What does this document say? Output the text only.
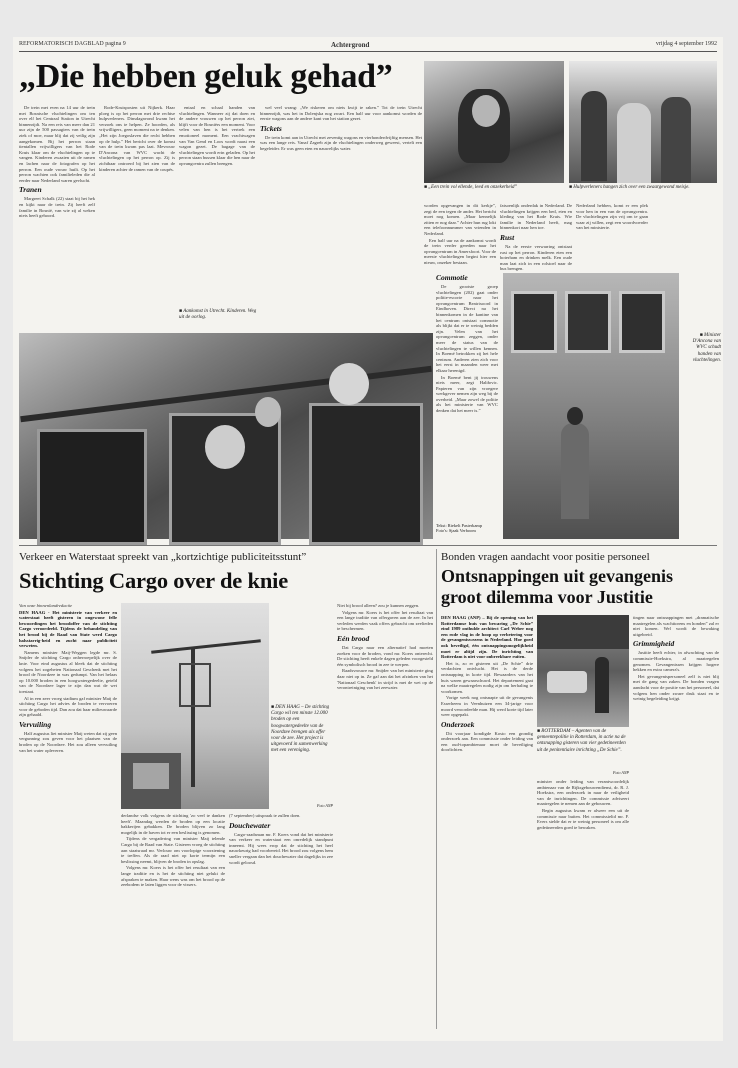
REFORMATORISCH DAGBLAD pagina 9	Achtergrond	vrijdag 4 september 1992
„Die hebben geluk gehad”

De trein met even na 14 uur de trein met Bosnische vluchtelingen om ten over elf het Centraal Station in Utrecht binnenrijdt. Na een reis van meer dan 21 uur zijn de 500 passagiers van de trein ziek of moe, maar blij dat zij veilig zijn aangekomen. Bij het perron staan tientallen vrijwilligers van het Rode Kruis klaar om de vluchtelingen op te vangen. Kinderen zwaaien uit de ramen en lachen naar de fotografen op het perron. Een oude vrouw huilt. Op het perron wachten ook familieleden die al eerder naar Nederland waren gevlucht.

Tranen

Margreet Schalk (22) staat bij het hek en kijkt naar de trein. Zij heeft zelf familie in Bosnië, van wie zij al weken niets heeft gehoord.

Rode-Kruisposten uit Nijkerk. Haar ploeg is op het perron met drie rechtse hulpverleners. Dinsdagavond kwam het verzoek ons te helpen. Ze hoorden, als vrijwilligers, geen moment na te denken. „Het zijn Joegoslaven die recht hebben op de hulp.” Het bericht over de komst van de trein kwam pas laat. Mevrouw D'Ancona van WVC wacht de vluchtelingen op het perron op. Zij is zichtbaar ontroerd bij het zien van de kinderen achter de ramen van de coupés.

entaal en schaal handen van vluchtelingen. Wanneer zij dat doen en de andere vrouwen op het perron ziet, blijft voor de Bosniërs een moment. Voor velen van hen is het vertrek een emotioneel moment. Een vrachtwagen van Van Gend en Loos wordt naast een wagon gezet. De bagage van de vluchtelingen wordt erin geladen. Op het perron staan bussen klaar die hen naar de opvangcentra zullen brengen.

■ Aankomst in Utrecht. Kinderen. Weg uit de oorlog.

wel veel wrang: „We riskeren om niets kwijt te raken.” Tot de trein Utrecht binnenrijdt, was het in Dolenjska nog zwart. Een half uur voor aankomst worden de eerste wagons aan de andere kant van het station gezet.

Tickets

De trein komt aan in Utrecht met zeventig wagons en vierhonderdvijftig mensen. Het was een lange reis. Vanaf Zagreb zijn de vluchtelingen onderweg geweest, vertelt een begeleider. Er was geen eten en nauwelijks water.

■ „Een trein vol ellende, leed en onzekerheid”	■ Hulpverleners hangen zich over een zwaargewond meisje.

worden opgevangen in dit kerkje”, zegt de een tegen de ander. Het bericht moet nog komen. „Maar kennelijk zitten er nog daar.” Achter hun rug lokt een telefoonnummer van vrienden in Nederland.

Een half uur na de aankomst wordt de trein verder gereden naar het opvangcentrum in Amersfoort. Voor de meeste vluchtelingen begint hier een nieuw, onzeker bestaan.

fatsoenlijk onderdak in Nederland. De vluchtelingen krijgen een bed, eten en kleding van het Rode Kruis. Wie familie in Nederland heeft, mag binnenkort naar hen toe.

Rust

Na de eerste verwarring ontstaat rust op het perron. Kinderen eten een boterham en drinken melk. Een oude man laat zich in een rolstoel naar de bus brengen.

Nederland hebben, komt er een plek voor hen in een van de opvangcentra. De vluchtelingen zijn vrij om te gaan waar zij willen, zegt een woordvoerder van het ministerie.

Commotie

De grootste groep vluchtelingen (202) gaat onder politie-escorte naar het opvangcentrum Beatrixoord in Eindhoven. Direct na het binnenkomen in de kantine van het centrum ontstaat commotie als blijkt dat er te weinig bedden zijn. Velen van het opvangcentrum zeggen, onder meer de status van de vluchtelingen te willen kennen. In Boemé betrokken zij het hele centrum. Anderen zien zich voor het eerst in maanden weer met elkaar herenigd.

In Boemé bent jij trouwens niets meer, zegt Haliłovic. Papieren van zijn vroegere werkgever nemen zijn weg bij de overheid. „Maar zowel de politie als het ministerie van WVC denken dat het meer is.”

Tekst: Riekelt Pasterkamp
Foto's: Sjaak Verboom
■ Minister D'Ancona van WVC schudt handen van vluchtelingen.
Verkeer en Waterstaat spreekt van „kortzichtige publiciteitsstunt”
Stichting Cargo over de knie

Van onze binnenlandredactie

DEN HAAG - Het ministerie van verkeer en waterstaat heeft gisteren in ongewone felle bewoordingen het broodoffer van de stichting Cargo veroordeeld. Tijdens de behandeling van het brood bij de Raad van State werd Cargo halsstarrig-heid en zucht naar publiciteit verweten.

Namens minister Maij-Weggen legde mr. S. Snijder de stichting Cargo onherroepelijk over de knie. Voor eind augustus al bleek dat de stichting volgens het zogeheten Nationaal Geschenk met het brood de Noordzee in was gedumpt. Van het helaas op 10.000 broden in een hoogwatergedeelte, geteld van de Noordzee lager te zijn dan wat de wet toestaat.

Al in een zeer vroeg stadium gaf minister Maij de stichting Cargo het advies de broden te vervoeren voor de geboden tijd. Dan zou dat haar milieuwaarde zijn gehaald.

Vervuiling

Half augustus liet minister Maij weten dat zij geen vergunning zou geven voor het plaatsen van de broden op de Noordzee. Het zou alleen vervuiling van het water opleveren.

■ DEN HAAG – De stichting Cargo wil ten minste 12.000 broden op een hoogwatergedeelte van de Noordzee brengen als offer voor de zee. Het project is uitgevoerd in samenwerking met een vereniging.
Foto ANP

derlandse volk volgens de stichting 'zo veel te danken heeft'. Maandag werden de broden op een locatie bakkerijen gebakken. De broden blijven zo lang mogelijk in de haven tot er een beslissing is genomen.

Tijdens de vergadering van minister Maij telende Cargo bij de Raad van State. Gisteren vroeg de stichting aan staatsraad mr. Verlouw om voorlopige voorziening te treffen. Als de raad niet op korte termijn een beslissing neemt, blijven de broden in opslag.

Volgens mr. Koers is het offer het resultaat van een lange traditie en is het de stichting niet gelukt de afspraken te maken. Haar wens was om het brood op de zeebodem te laten liggen voor de vissers.

(7 september) uitspraak te zullen doen.

Douchewater

Cargo-raadsman mr. F. Koers vond dat het ministerie van verkeer en waterstaat een onredelijk standpunt inneemt. Hij wees erop dat de stichting het heel nauwkeurig had voorbereid. Het brood zou volgens hem sneller vergaan dan het douchewater dat dagelijks in zee wordt geloosd.

Niet bij brood alleen? zou je kunnen zeggen.

Volgens mr. Koers is het offer het resultaat van een lange traditie van offergaven aan de zee. In het verleden werden vaak offers gebracht om zeelieden te beschermen.

Eén brood

Dat Cargo naar een alternatief had moeten zoeken voor de broden, vond mr. Koers onterecht. De stichting heeft enkele dagen geleden voorgesteld één symbolisch brood in zee te werpen.

Raadsvrouwe mr. Snijder van het ministerie ging daar niet op in. Ze gaf aan dat het afzinken van het 'Nationaal Geschenk' in strijd is met de wet op de verontreiniging van het zeewater.

Bonden vragen aandacht voor positie personeel
Ontsnappingen uit gevangenis
groot dilemma voor Justitie

DEN HAAG (ANP) – Bij de opening van het Rotterdamse huis van bewaring „De Schie” eind 1989 onthulde architect Carl Weber nog een rode vlag in de hoop op verbetering voor de gevangeniswezens in Nederland. Hoe goed ook beveiligd, één ontsnappingsmogelijkheid moet er altijd zijn. De inrichting van Rotterdam is niet voor onbreekbare ruiten.

Het is, zo er gisteren uit „De Schie” drie verdachten ontvlucht. Het is de derde ontsnapping in korte tijd. Bewaarders van het huis waren gewaarschuwd. Het departement gaat na welke maatregelen nodig zijn om herhaling te voorkomen.

Vorige week nog ontsnapte uit de gevangenis Esserheem in Veenhuizen een 34-jarige voor moord veroordeelde man. Hij werd korte tijd later weer opgepakt.

Onderzoek

Dit voorjaar kondigde Kosto een grondig onderzoek aan. Een commissie onder leiding van een oud-topambtenaar moet de beveiliging doorlichten.

■ ROTTERDAM – Agenten van de gemeentepolitie in Rotterdam, in actie na de ontsnapping gisteren van vier gedetineerden uit de penitentiaire inrichting „De Schie”.
Foto ANP

minister onder leiding van verantwoordelijk ambtenaar van de Rijksgebouwendienst, dr. R. J. Hoekstra, een onderzoek in naar de veiligheid van de inrichtingen. De commissie adviseert maatregelen te nemen aan de gebouwen.

Begin augustus kwam er alweer een uit de commissie naar buiten. Het commissielid mr. F. Evers stelde dat er te weinig personeel is om alle gedetineerden goed te bewaken.

tingen naar ontsnappingen met „dramatische maatregelen als wachttorens en honden” zal er niet komen. Wel wordt de bewaking uitgebreid.

Grimmigheid

Justitie heeft echter, in afwachting van de commissie-Hoekstra, al maatregelen genomen. Gevangenissen krijgen hogere hekken en extra camera's.

Het gevangenispersoneel zelf is niet blij met de gang van zaken. De bonden vragen aandacht voor de positie van het personeel, dat volgens hen onder zware druk staat en te weinig begeleiding krijgt.
